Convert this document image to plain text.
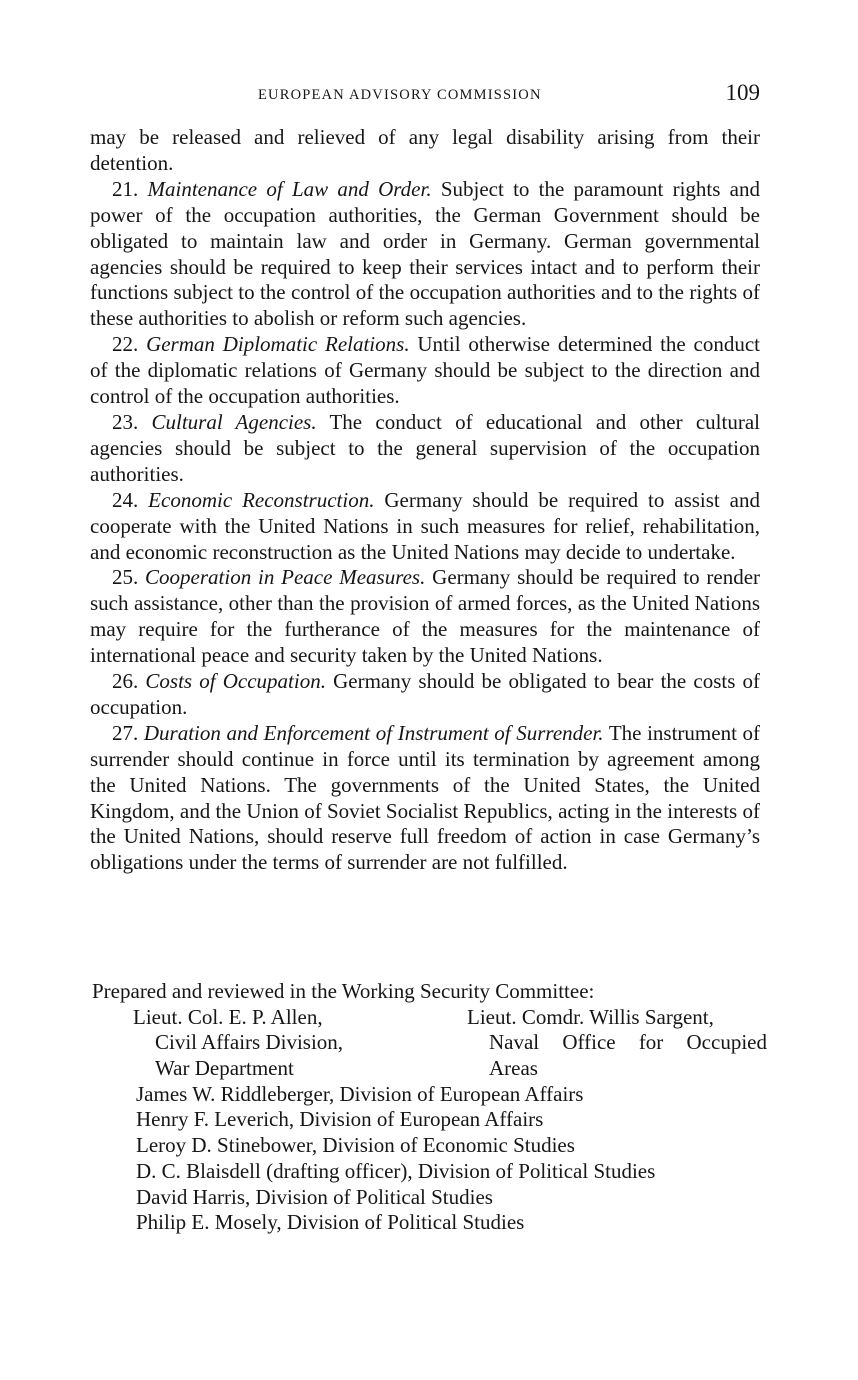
EUROPEAN ADVISORY COMMISSION	109

may be released and relieved of any legal disability arising from their detention.

21. Maintenance of Law and Order. Subject to the paramount rights and power of the occupation authorities, the German Government should be obligated to maintain law and order in Germany. German governmental agencies should be required to keep their services intact and to perform their functions subject to the control of the occupation authorities and to the rights of these authorities to abolish or reform such agencies.

22. German Diplomatic Relations. Until otherwise determined the conduct of the diplomatic relations of Germany should be subject to the direction and control of the occupation authorities.

23. Cultural Agencies. The conduct of educational and other cultural agencies should be subject to the general supervision of the occupation authorities.

24. Economic Reconstruction. Germany should be required to assist and cooperate with the United Nations in such measures for relief, rehabilitation, and economic reconstruction as the United Nations may decide to undertake.

25. Cooperation in Peace Measures. Germany should be required to render such assistance, other than the provision of armed forces, as the United Nations may require for the furtherance of the measures for the maintenance of international peace and security taken by the United Nations.

26. Costs of Occupation. Germany should be obligated to bear the costs of occupation.

27. Duration and Enforcement of Instrument of Surrender. The instrument of surrender should continue in force until its termination by agreement among the United Nations. The governments of the United States, the United Kingdom, and the Union of Soviet Socialist Republics, acting in the interests of the United Nations, should reserve full freedom of action in case Germany’s obligations under the terms of surrender are not fulfilled.

Prepared and reviewed in the Working Security Committee:

Lieut. Col. E. P. Allen,
Civil Affairs Division,
War Department
Lieut. Comdr. Willis Sargent,
Naval Office for Occupied
Areas
James W. Riddleberger, Division of European Affairs
Henry F. Leverich, Division of European Affairs
Leroy D. Stinebower, Division of Economic Studies
D. C. Blaisdell (drafting officer), Division of Political Studies
David Harris, Division of Political Studies
Philip E. Mosely, Division of Political Studies
